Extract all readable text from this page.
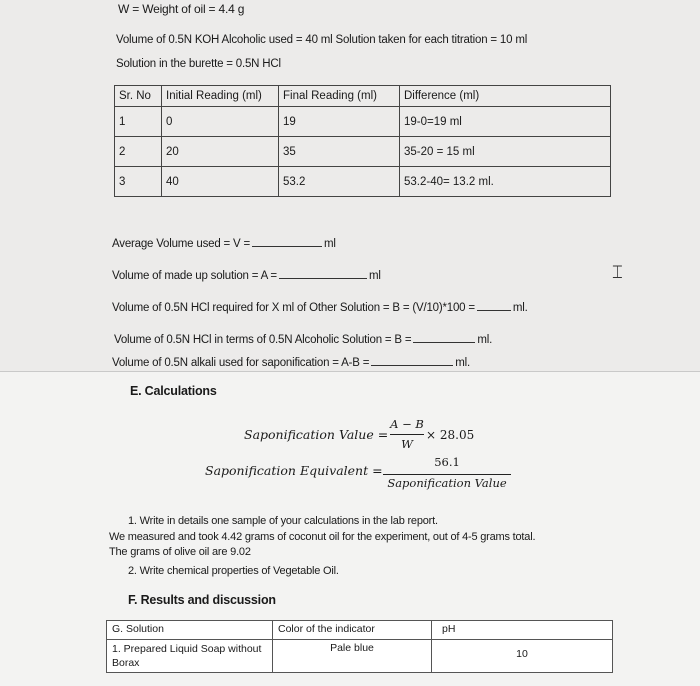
W = Weight of oil = 4.4 g
Volume of 0.5N KOH Alcoholic used = 40 ml Solution taken for each titration = 10 ml
Solution in the burette = 0.5N HCl
Sr. No	Initial Reading (ml)	Final Reading (ml)	Difference (ml)
1	0	19	19-0=19 ml
2	20	35	35-20 = 15 ml
3	40	53.2	53.2-40= 13.2 ml.
Average Volume used = V =	ml
Volume of made up solution = A =	ml
Volume of 0.5N HCl required for X ml of Other Solution = B = (V/10)*100 =	ml.
Volume of 0.5N HCl in terms of 0.5N Alcoholic Solution = B =	ml.
Volume of 0.5N alkali used for saponification = A-B =	ml.
⌶
E. Calculations
Saponification Value =
A − B
W
× 28.05
Saponification Equivalent =
56.1
Saponification Value
1. Write in details one sample of your calculations in the lab report.
We measured and took 4.42 grams of coconut oil for the experiment, out of 4-5 grams total.
The grams of olive oil are 9.02
2. Write chemical properties of Vegetable Oil.
F. Results and discussion
G. Solution	Color of the indicator	pH
1. Prepared Liquid Soap without Borax	Pale blue	10
